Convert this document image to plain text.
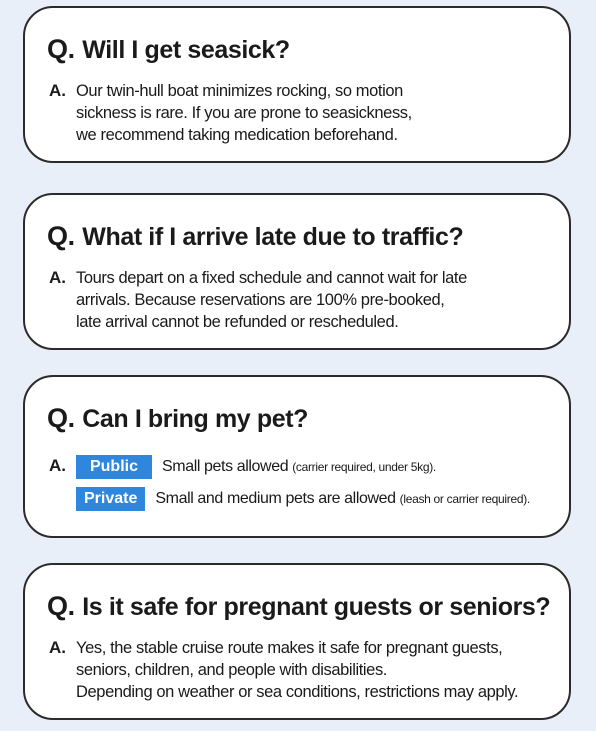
Q. Will I get seasick?
A. Our twin-hull boat minimizes rocking, so motion
sickness is rare. If you are prone to seasickness,
we recommend taking medication beforehand.
Q. What if I arrive late due to traffic?
A. Tours depart on a fixed schedule and cannot wait for late
arrivals. Because reservations are 100% pre-booked,
late arrival cannot be refunded or rescheduled.
Q. Can I bring my pet?
A.	Public	Small pets allowed (carrier required, under 5kg).
Private	Small and medium pets are allowed (leash or carrier required).
Q. Is it safe for pregnant guests or seniors?
A. Yes, the stable cruise route makes it safe for pregnant guests,
seniors, children, and people with disabilities.
Depending on weather or sea conditions, restrictions may apply.
